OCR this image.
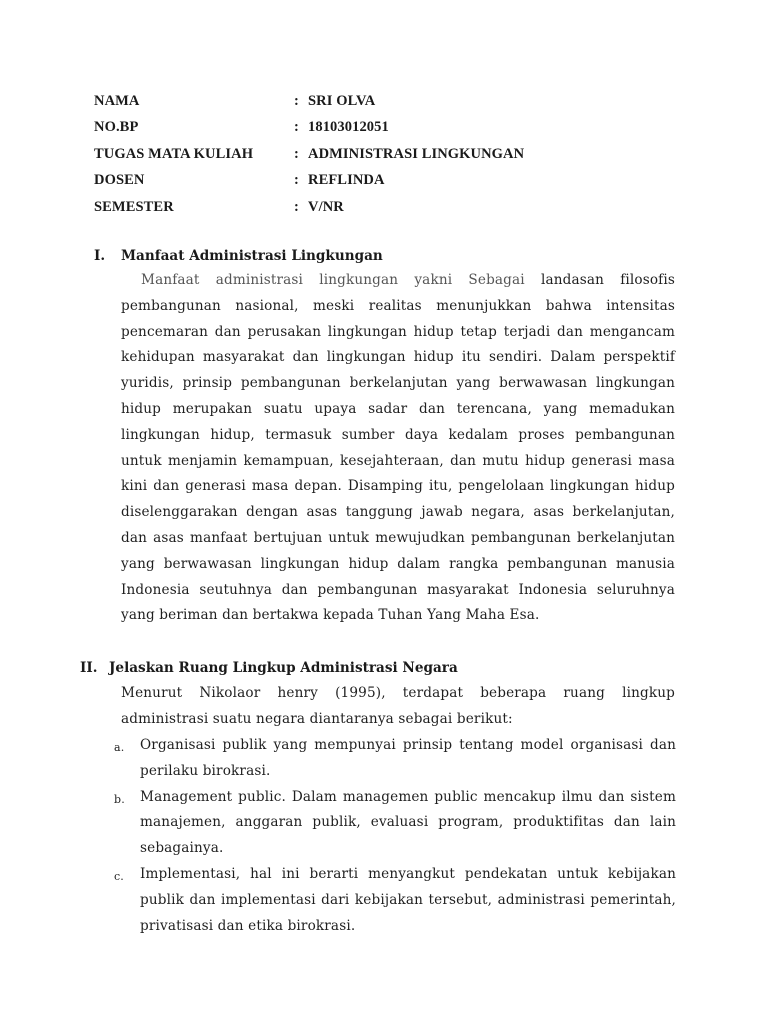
NAMA	: SRI OLVA
NO.BP	: 18103012051
TUGAS MATA KULIAH	: ADMINISTRASI LINGKUNGAN
DOSEN	: REFLINDA
SEMESTER	: V/NR
I.	Manfaat Administrasi Lingkungan
Manfaat administrasi lingkungan yakni Sebagai landasan filosofis pembangunan nasional, meski realitas menunjukkan bahwa intensitas pencemaran dan perusakan lingkungan hidup tetap terjadi dan mengancam kehidupan masyarakat dan lingkungan hidup itu sendiri. Dalam perspektif yuridis, prinsip pembangunan berkelanjutan yang berwawasan lingkungan hidup merupakan suatu upaya sadar dan terencana, yang memadukan lingkungan hidup, termasuk sumber daya kedalam proses pembangunan untuk menjamin kemampuan, kesejahteraan, dan mutu hidup generasi masa kini dan generasi masa depan. Disamping itu, pengelolaan lingkungan hidup diselenggarakan dengan asas tanggung jawab negara, asas berkelanjutan, dan asas manfaat bertujuan untuk mewujudkan pembangunan berkelanjutan yang berwawasan lingkungan hidup dalam rangka pembangunan manusia Indonesia seutuhnya dan pembangunan masyarakat Indonesia seluruhnya yang beriman dan bertakwa kepada Tuhan Yang Maha Esa.
II. Jelaskan Ruang Lingkup Administrasi Negara
Menurut Nikolaor henry (1995), terdapat beberapa ruang lingkup administrasi suatu negara diantaranya sebagai berikut:
a.	Organisasi publik yang mempunyai prinsip tentang model organisasi dan perilaku birokrasi.
b.	Management public. Dalam managemen public mencakup ilmu dan sistem manajemen, anggaran publik, evaluasi program, produktifitas dan lain sebagainya.
c.	Implementasi, hal ini berarti menyangkut pendekatan untuk kebijakan publik dan implementasi dari kebijakan tersebut, administrasi pemerintah, privatisasi dan etika birokrasi.
